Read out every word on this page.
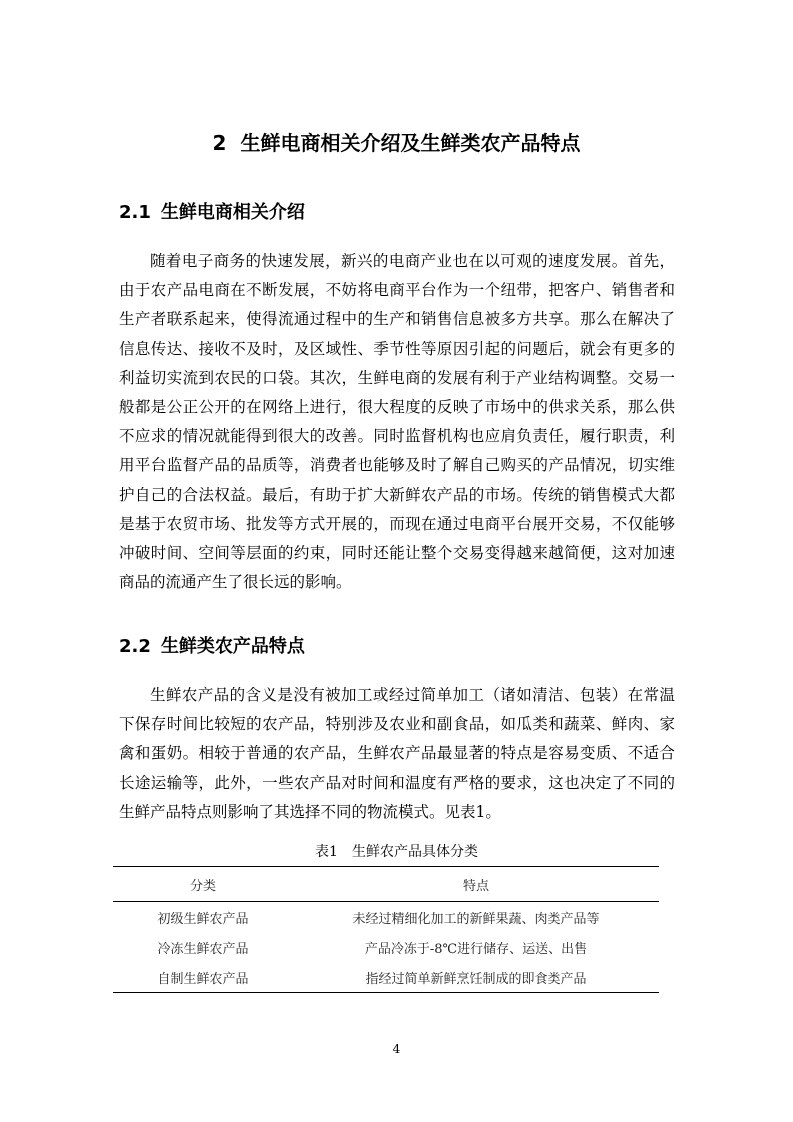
2 生鲜电商相关介绍及生鲜类农产品特点
2.1 生鲜电商相关介绍

随着电子商务的快速发展，新兴的电商产业也在以可观的速度发展。首先，由于农产品电商在不断发展，不妨将电商平台作为一个纽带，把客户、销售者和生产者联系起来，使得流通过程中的生产和销售信息被多方共享。那么在解决了信息传达、接收不及时，及区域性、季节性等原因引起的问题后，就会有更多的利益切实流到农民的口袋。其次，生鲜电商的发展有利于产业结构调整。交易一般都是公正公开的在网络上进行，很大程度的反映了市场中的供求关系，那么供不应求的情况就能得到很大的改善。同时监督机构也应肩负责任，履行职责，利用平台监督产品的品质等，消费者也能够及时了解自己购买的产品情况，切实维护自己的合法权益。最后，有助于扩大新鲜农产品的市场。传统的销售模式大都是基于农贸市场、批发等方式开展的，而现在通过电商平台展开交易，不仅能够冲破时间、空间等层面的约束，同时还能让整个交易变得越来越简便，这对加速商品的流通产生了很长远的影响。

2.2 生鲜类农产品特点

生鲜农产品的含义是没有被加工或经过简单加工（诸如清洁、包装）在常温下保存时间比较短的农产品，特别涉及农业和副食品，如瓜类和蔬菜、鲜肉、家禽和蛋奶。相较于普通的农产品，生鲜农产品最显著的特点是容易变质、不适合长途运输等，此外，一些农产品对时间和温度有严格的要求，这也决定了不同的生鲜产品特点则影响了其选择不同的物流模式。见表1。

表1 生鲜农产品具体分类
分类	特点
初级生鲜农产品	未经过精细化加工的新鲜果蔬、肉类产品等
冷冻生鲜农产品	产品冷冻于-8℃进行储存、运送、出售
自制生鲜农产品	指经过简单新鲜烹饪制成的即食类产品
4
